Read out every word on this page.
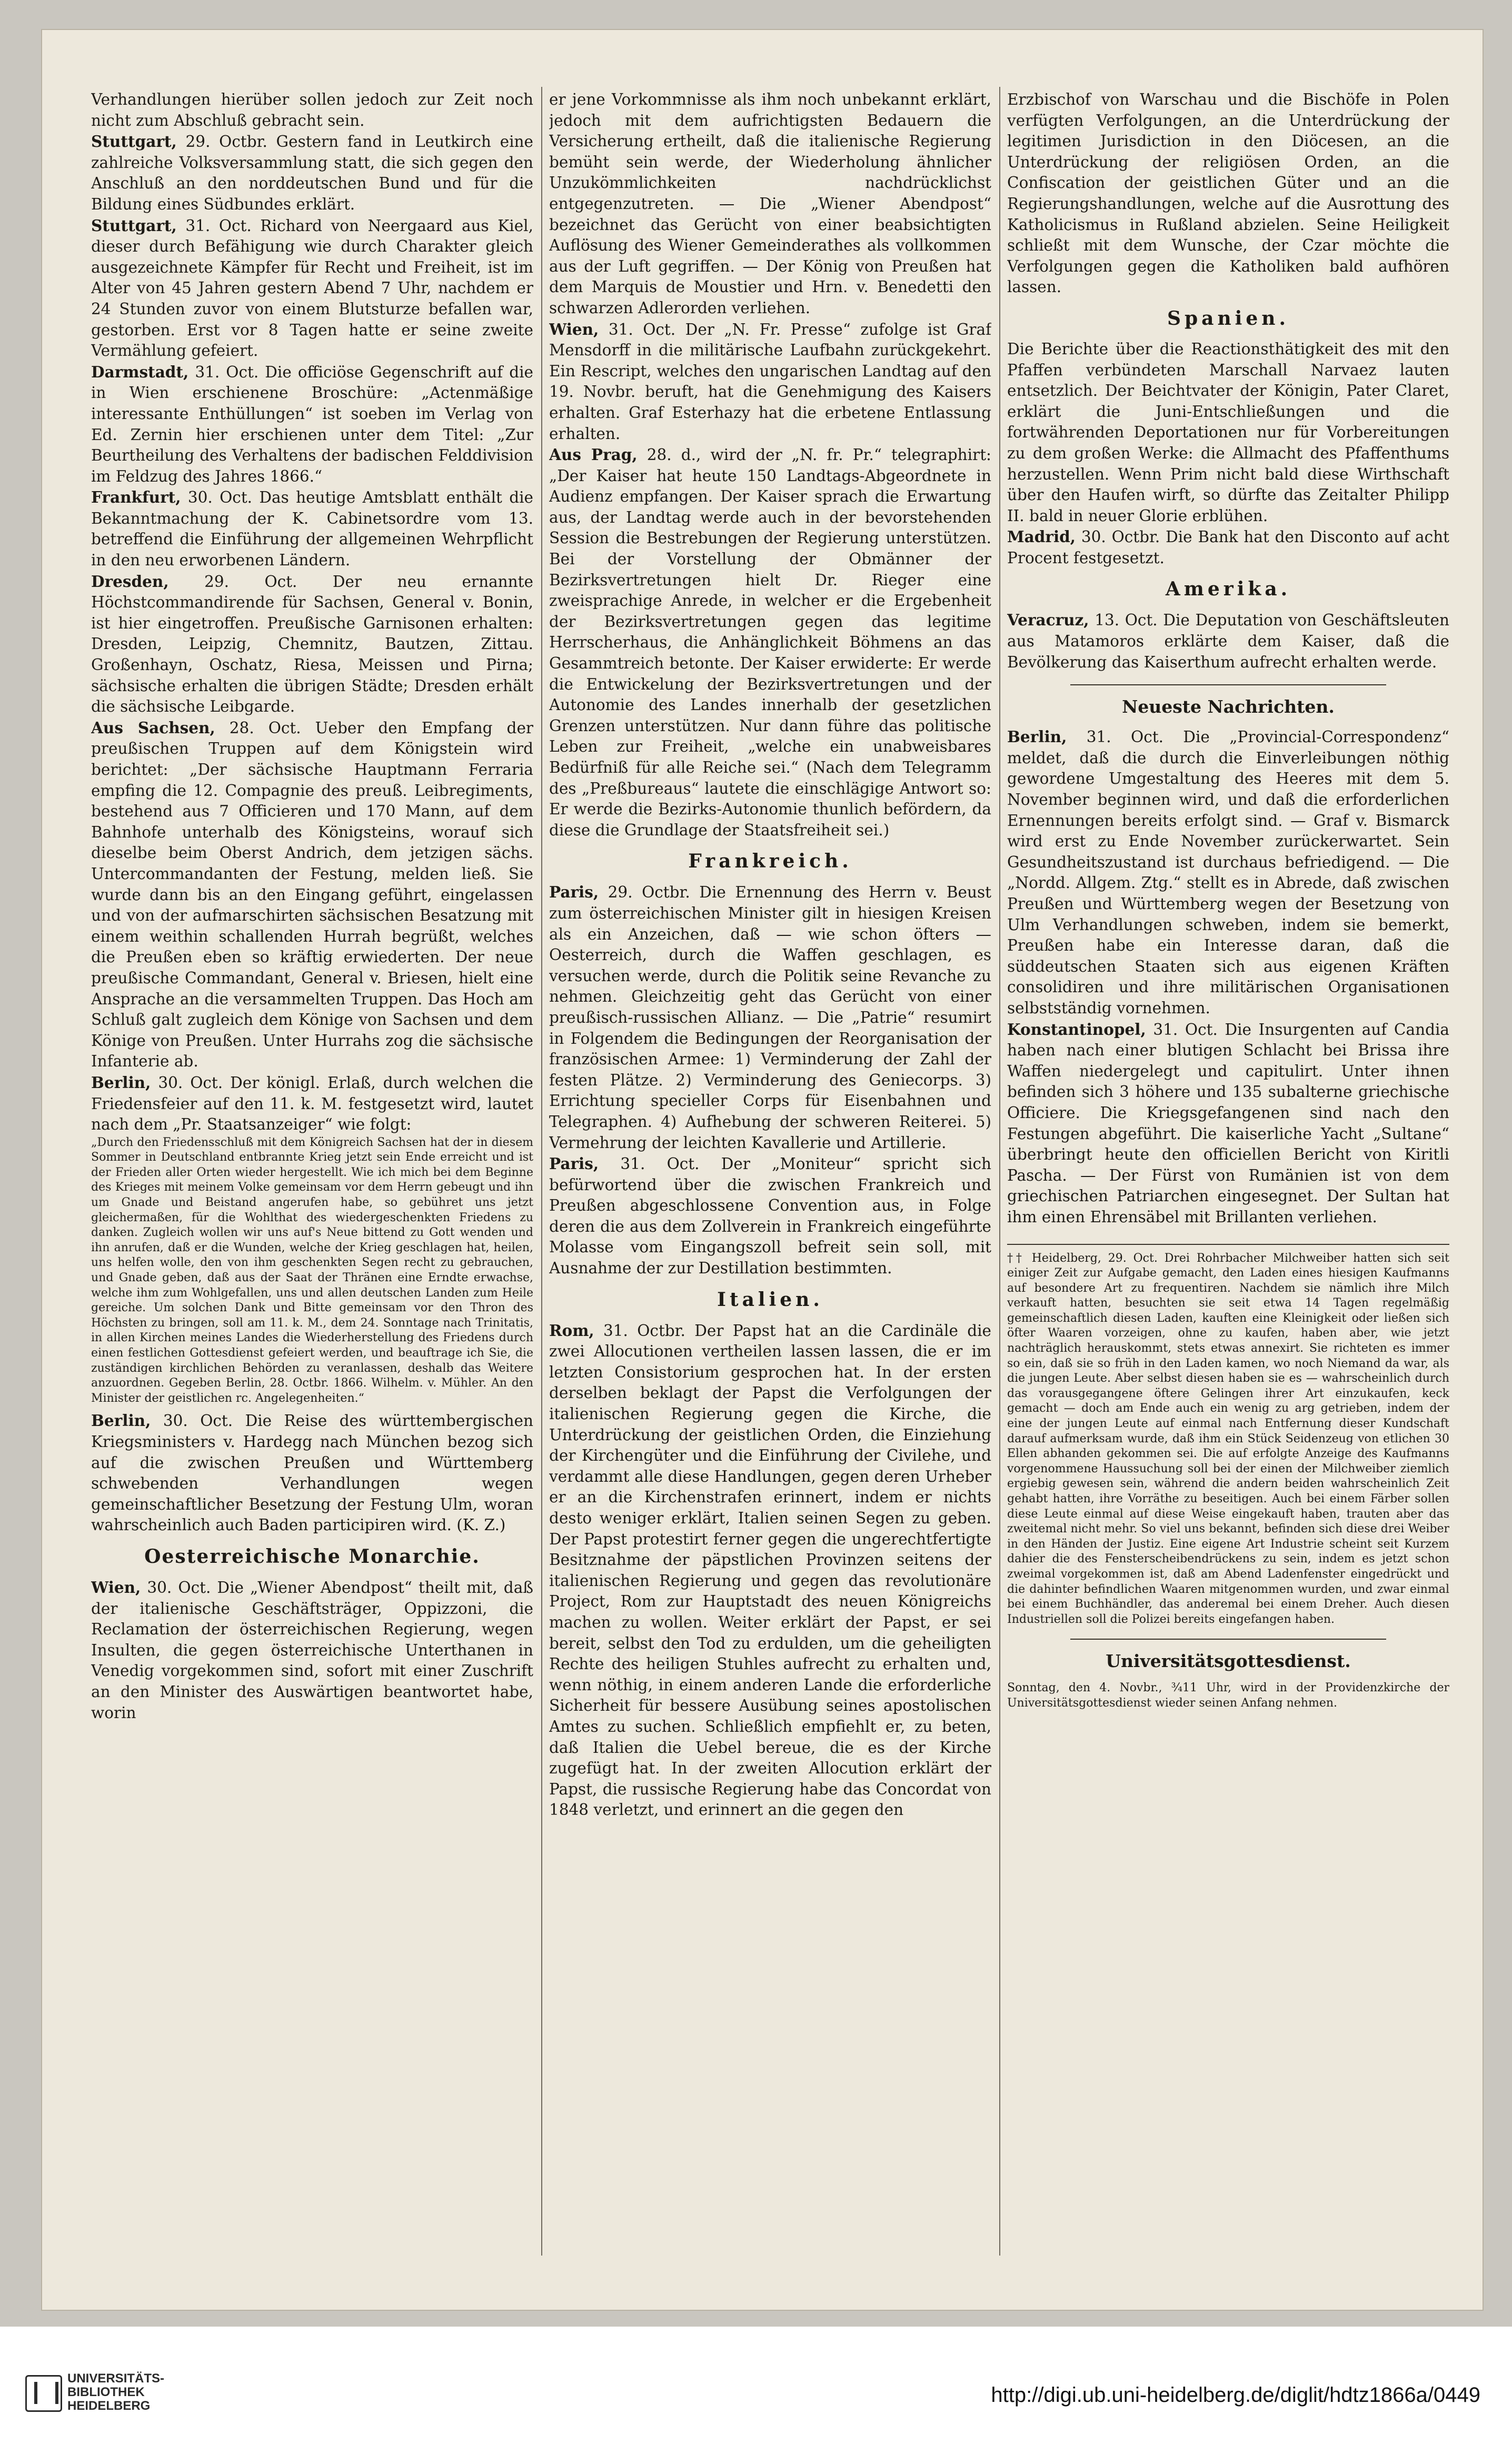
Verhandlungen hierüber sollen jedoch zur Zeit noch nicht zum Abschluß gebracht sein.

Stuttgart, 29. Octbr. Gestern fand in Leutkirch eine zahlreiche Volksversammlung statt, die sich gegen den Anschluß an den norddeutschen Bund und für die Bildung eines Südbundes erklärt.

Stuttgart, 31. Oct. Richard von Neergaard aus Kiel, dieser durch Befähigung wie durch Charakter gleich ausgezeichnete Kämpfer für Recht und Freiheit, ist im Alter von 45 Jahren gestern Abend 7 Uhr, nachdem er 24 Stunden zuvor von einem Blutsturze befallen war, gestorben. Erst vor 8 Tagen hatte er seine zweite Vermählung gefeiert.

Darmstadt, 31. Oct. Die officiöse Gegenschrift auf die in Wien erschienene Broschüre: „Actenmäßige interessante Enthüllungen“ ist soeben im Verlag von Ed. Zernin hier erschienen unter dem Titel: „Zur Beurtheilung des Verhaltens der badischen Felddivision im Feldzug des Jahres 1866.“

Frankfurt, 30. Oct. Das heutige Amtsblatt enthält die Bekanntmachung der K. Cabinetsordre vom 13. betreffend die Einführung der allgemeinen Wehrpflicht in den neu erworbenen Ländern.

Dresden, 29. Oct. Der neu ernannte Höchstcommandirende für Sachsen, General v. Bonin, ist hier eingetroffen. Preußische Garnisonen erhalten: Dresden, Leipzig, Chemnitz, Bautzen, Zittau. Großenhayn, Oschatz, Riesa, Meissen und Pirna; sächsische erhalten die übrigen Städte; Dresden erhält die sächsische Leibgarde.

Aus Sachsen, 28. Oct. Ueber den Empfang der preußischen Truppen auf dem Königstein wird berichtet: „Der sächsische Hauptmann Ferraria empfing die 12. Compagnie des preuß. Leibregiments, bestehend aus 7 Officieren und 170 Mann, auf dem Bahnhofe unterhalb des Königsteins, worauf sich dieselbe beim Oberst Andrich, dem jetzigen sächs. Untercommandanten der Festung, melden ließ. Sie wurde dann bis an den Eingang geführt, eingelassen und von der aufmarschirten sächsischen Besatzung mit einem weithin schallenden Hurrah begrüßt, welches die Preußen eben so kräftig erwiederten. Der neue preußische Commandant, General v. Briesen, hielt eine Ansprache an die versammelten Truppen. Das Hoch am Schluß galt zugleich dem Könige von Sachsen und dem Könige von Preußen. Unter Hurrahs zog die sächsische Infanterie ab.

Berlin, 30. Oct. Der königl. Erlaß, durch welchen die Friedensfeier auf den 11. k. M. festgesetzt wird, lautet nach dem „Pr. Staatsanzeiger“ wie folgt:

„Durch den Friedensschluß mit dem Königreich Sachsen hat der in diesem Sommer in Deutschland entbrannte Krieg jetzt sein Ende erreicht und ist der Frieden aller Orten wieder hergestellt. Wie ich mich bei dem Beginne des Krieges mit meinem Volke gemeinsam vor dem Herrn gebeugt und ihn um Gnade und Beistand angerufen habe, so gebühret uns jetzt gleichermaßen, für die Wohlthat des wiedergeschenkten Friedens zu danken. Zugleich wollen wir uns auf's Neue bittend zu Gott wenden und ihn anrufen, daß er die Wunden, welche der Krieg geschlagen hat, heilen, uns helfen wolle, den von ihm geschenkten Segen recht zu gebrauchen, und Gnade geben, daß aus der Saat der Thränen eine Erndte erwachse, welche ihm zum Wohlgefallen, uns und allen deutschen Landen zum Heile gereiche. Um solchen Dank und Bitte gemeinsam vor den Thron des Höchsten zu bringen, soll am 11. k. M., dem 24. Sonntage nach Trinitatis, in allen Kirchen meines Landes die Wiederherstellung des Friedens durch einen festlichen Gottesdienst gefeiert werden, und beauftrage ich Sie, die zuständigen kirchlichen Behörden zu veranlassen, deshalb das Weitere anzuordnen. Gegeben Berlin, 28. Octbr. 1866. Wilhelm. v. Mühler. An den Minister der geistlichen rc. Angelegenheiten.“

Berlin, 30. Oct. Die Reise des württembergischen Kriegsministers v. Hardegg nach München bezog sich auf die zwischen Preußen und Württemberg schwebenden Verhandlungen wegen gemeinschaftlicher Besetzung der Festung Ulm, woran wahrscheinlich auch Baden participiren wird. (K. Z.)

Oesterreichische Monarchie.

Wien, 30. Oct. Die „Wiener Abendpost“ theilt mit, daß der italienische Geschäftsträger, Oppizzoni, die Reclamation der österreichischen Regierung, wegen Insulten, die gegen österreichische Unterthanen in Venedig vorgekommen sind, sofort mit einer Zuschrift an den Minister des Auswärtigen beantwortet habe, worin

er jene Vorkommnisse als ihm noch unbekannt erklärt, jedoch mit dem aufrichtigsten Bedauern die Versicherung ertheilt, daß die italienische Regierung bemüht sein werde, der Wiederholung ähnlicher Unzukömmlichkeiten nachdrücklichst entgegenzutreten. — Die „Wiener Abendpost“ bezeichnet das Gerücht von einer beabsichtigten Auflösung des Wiener Gemeinderathes als vollkommen aus der Luft gegriffen. — Der König von Preußen hat dem Marquis de Moustier und Hrn. v. Benedetti den schwarzen Adlerorden verliehen.

Wien, 31. Oct. Der „N. Fr. Presse“ zufolge ist Graf Mensdorff in die militärische Laufbahn zurückgekehrt. Ein Rescript, welches den ungarischen Landtag auf den 19. Novbr. beruft, hat die Genehmigung des Kaisers erhalten. Graf Esterhazy hat die erbetene Entlassung erhalten.

Aus Prag, 28. d., wird der „N. fr. Pr.“ telegraphirt: „Der Kaiser hat heute 150 Landtags-Abgeordnete in Audienz empfangen. Der Kaiser sprach die Erwartung aus, der Landtag werde auch in der bevorstehenden Session die Bestrebungen der Regierung unterstützen. Bei der Vorstellung der Obmänner der Bezirksvertretungen hielt Dr. Rieger eine zweisprachige Anrede, in welcher er die Ergebenheit der Bezirksvertretungen gegen das legitime Herrscherhaus, die Anhänglichkeit Böhmens an das Gesammtreich betonte. Der Kaiser erwiderte: Er werde die Entwickelung der Bezirksvertretungen und der Autonomie des Landes innerhalb der gesetzlichen Grenzen unterstützen. Nur dann führe das politische Leben zur Freiheit, „welche ein unabweisbares Bedürfniß für alle Reiche sei.“ (Nach dem Telegramm des „Preßbureaus“ lautete die einschlägige Antwort so: Er werde die Bezirks-Autonomie thunlich befördern, da diese die Grundlage der Staatsfreiheit sei.)

Frankreich.

Paris, 29. Octbr. Die Ernennung des Herrn v. Beust zum österreichischen Minister gilt in hiesigen Kreisen als ein Anzeichen, daß — wie schon öfters — Oesterreich, durch die Waffen geschlagen, es versuchen werde, durch die Politik seine Revanche zu nehmen. Gleichzeitig geht das Gerücht von einer preußisch-russischen Allianz. — Die „Patrie“ resumirt in Folgendem die Bedingungen der Reorganisation der französischen Armee: 1) Verminderung der Zahl der festen Plätze. 2) Verminderung des Geniecorps. 3) Errichtung specieller Corps für Eisenbahnen und Telegraphen. 4) Aufhebung der schweren Reiterei. 5) Vermehrung der leichten Kavallerie und Artillerie.

Paris, 31. Oct. Der „Moniteur“ spricht sich befürwortend über die zwischen Frankreich und Preußen abgeschlossene Convention aus, in Folge deren die aus dem Zollverein in Frankreich eingeführte Molasse vom Eingangszoll befreit sein soll, mit Ausnahme der zur Destillation bestimmten.

Italien.

Rom, 31. Octbr. Der Papst hat an die Cardinäle die zwei Allocutionen vertheilen lassen lassen, die er im letzten Consistorium gesprochen hat. In der ersten derselben beklagt der Papst die Verfolgungen der italienischen Regierung gegen die Kirche, die Unterdrückung der geistlichen Orden, die Einziehung der Kirchengüter und die Einführung der Civilehe, und verdammt alle diese Handlungen, gegen deren Urheber er an die Kirchenstrafen erinnert, indem er nichts desto weniger erklärt, Italien seinen Segen zu geben. Der Papst protestirt ferner gegen die ungerechtfertigte Besitznahme der päpstlichen Provinzen seitens der italienischen Regierung und gegen das revolutionäre Project, Rom zur Hauptstadt des neuen Königreichs machen zu wollen. Weiter erklärt der Papst, er sei bereit, selbst den Tod zu erdulden, um die geheiligten Rechte des heiligen Stuhles aufrecht zu erhalten und, wenn nöthig, in einem anderen Lande die erforderliche Sicherheit für bessere Ausübung seines apostolischen Amtes zu suchen. Schließlich empfiehlt er, zu beten, daß Italien die Uebel bereue, die es der Kirche zugefügt hat. In der zweiten Allocution erklärt der Papst, die russische Regierung habe das Concordat von 1848 verletzt, und erinnert an die gegen den

Erzbischof von Warschau und die Bischöfe in Polen verfügten Verfolgungen, an die Unterdrückung der legitimen Jurisdiction in den Diöcesen, an die Unterdrückung der religiösen Orden, an die Confiscation der geistlichen Güter und an die Regierungshandlungen, welche auf die Ausrottung des Katholicismus in Rußland abzielen. Seine Heiligkeit schließt mit dem Wunsche, der Czar möchte die Verfolgungen gegen die Katholiken bald aufhören lassen.

Spanien.

Die Berichte über die Reactionsthätigkeit des mit den Pfaffen verbündeten Marschall Narvaez lauten entsetzlich. Der Beichtvater der Königin, Pater Claret, erklärt die Juni-Entschließungen und die fortwährenden Deportationen nur für Vorbereitungen zu dem großen Werke: die Allmacht des Pfaffenthums herzustellen. Wenn Prim nicht bald diese Wirthschaft über den Haufen wirft, so dürfte das Zeitalter Philipp II. bald in neuer Glorie erblühen.

Madrid, 30. Octbr. Die Bank hat den Disconto auf acht Procent festgesetzt.

Amerika.

Veracruz, 13. Oct. Die Deputation von Geschäftsleuten aus Matamoros erklärte dem Kaiser, daß die Bevölkerung das Kaiserthum aufrecht erhalten werde.

Neueste Nachrichten.

Berlin, 31. Oct. Die „Provincial-Correspondenz“ meldet, daß die durch die Einverleibungen nöthig gewordene Umgestaltung des Heeres mit dem 5. November beginnen wird, und daß die erforderlichen Ernennungen bereits erfolgt sind. — Graf v. Bismarck wird erst zu Ende November zurückerwartet. Sein Gesundheitszustand ist durchaus befriedigend. — Die „Nordd. Allgem. Ztg.“ stellt es in Abrede, daß zwischen Preußen und Württemberg wegen der Besetzung von Ulm Verhandlungen schweben, indem sie bemerkt, Preußen habe ein Interesse daran, daß die süddeutschen Staaten sich aus eigenen Kräften consolidiren und ihre militärischen Organisationen selbstständig vornehmen.

Konstantinopel, 31. Oct. Die Insurgenten auf Candia haben nach einer blutigen Schlacht bei Brissa ihre Waffen niedergelegt und capitulirt. Unter ihnen befinden sich 3 höhere und 135 subalterne griechische Officiere. Die Kriegsgefangenen sind nach den Festungen abgeführt. Die kaiserliche Yacht „Sultane“ überbringt heute den officiellen Bericht von Kiritli Pascha. — Der Fürst von Rumänien ist von dem griechischen Patriarchen eingesegnet. Der Sultan hat ihm einen Ehrensäbel mit Brillanten verliehen.

†† Heidelberg, 29. Oct. Drei Rohrbacher Milchweiber hatten sich seit einiger Zeit zur Aufgabe gemacht, den Laden eines hiesigen Kaufmanns auf besondere Art zu frequentiren. Nachdem sie nämlich ihre Milch verkauft hatten, besuchten sie seit etwa 14 Tagen regelmäßig gemeinschaftlich diesen Laden, kauften eine Kleinigkeit oder ließen sich öfter Waaren vorzeigen, ohne zu kaufen, haben aber, wie jetzt nachträglich herauskommt, stets etwas annexirt. Sie richteten es immer so ein, daß sie so früh in den Laden kamen, wo noch Niemand da war, als die jungen Leute. Aber selbst diesen haben sie es — wahrscheinlich durch das vorausgegangene öftere Gelingen ihrer Art einzukaufen, keck gemacht — doch am Ende auch ein wenig zu arg getrieben, indem der eine der jungen Leute auf einmal nach Entfernung dieser Kundschaft darauf aufmerksam wurde, daß ihm ein Stück Seidenzeug von etlichen 30 Ellen abhanden gekommen sei. Die auf erfolgte Anzeige des Kaufmanns vorgenommene Haussuchung soll bei der einen der Milchweiber ziemlich ergiebig gewesen sein, während die andern beiden wahrscheinlich Zeit gehabt hatten, ihre Vorräthe zu beseitigen. Auch bei einem Färber sollen diese Leute einmal auf diese Weise eingekauft haben, trauten aber das zweitemal nicht mehr. So viel uns bekannt, befinden sich diese drei Weiber in den Händen der Justiz. Eine eigene Art Industrie scheint seit Kurzem dahier die des Fensterscheibendrückens zu sein, indem es jetzt schon zweimal vorgekommen ist, daß am Abend Ladenfenster eingedrückt und die dahinter befindlichen Waaren mitgenommen wurden, und zwar einmal bei einem Buchhändler, das anderemal bei einem Dreher. Auch diesen Industriellen soll die Polizei bereits eingefangen haben.

Universitätsgottesdienst.

Sonntag, den 4. Novbr., ¾11 Uhr, wird in der Providenzkirche der Universitätsgottesdienst wieder seinen Anfang nehmen.

UNIVERSITÄTS-
BIBLIOTHEK
HEIDELBERG	http://digi.ub.uni-heidelberg.de/diglit/hdtz1866a/0449
